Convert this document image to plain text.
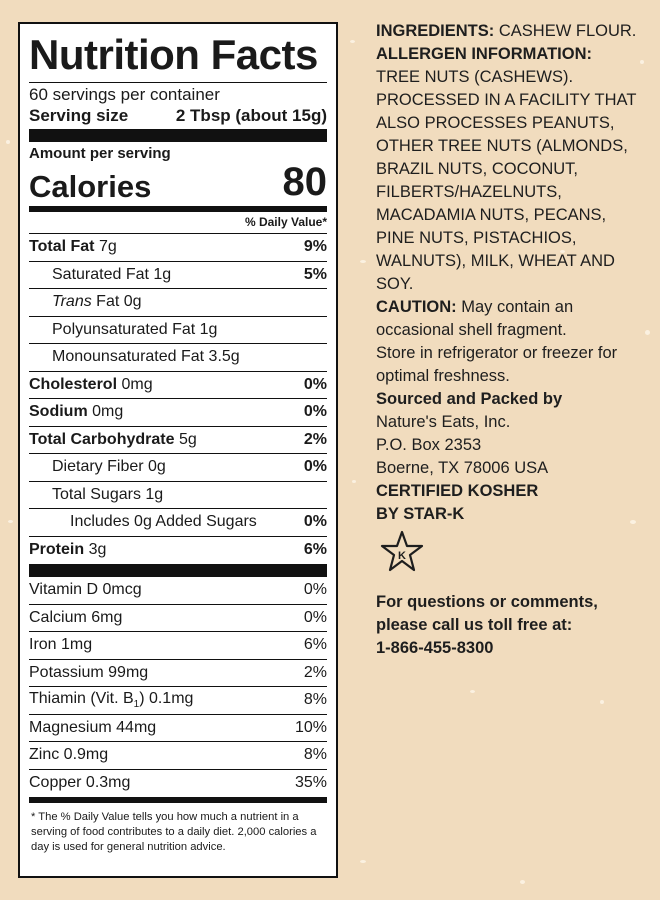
Nutrition Facts
60 servings per container
Serving size	2 Tbsp (about 15g)
Amount per serving
Calories	80
% Daily Value*
Total Fat 7g	9%
Saturated Fat 1g	5%
Trans Fat 0g
Polyunsaturated Fat 1g
Monounsaturated Fat 3.5g
Cholesterol 0mg	0%
Sodium 0mg	0%
Total Carbohydrate 5g	2%
Dietary Fiber 0g	0%
Total Sugars 1g
Includes 0g Added Sugars	0%
Protein 3g	6%
Vitamin D 0mcg	0%
Calcium 6mg	0%
Iron 1mg	6%
Potassium 99mg	2%
Thiamin (Vit. $B_1$) 0.1mg	8%
Magnesium 44mg	10%
Zinc 0.9mg	8%
Copper 0.3mg	35%
* The % Daily Value tells you how much a nutrient in a serving of food contributes to a daily diet. 2,000 calories a day is used for general nutrition advice.

INGREDIENTS: CASHEW FLOUR.

ALLERGEN INFORMATION:
TREE NUTS (CASHEWS).

PROCESSED IN A FACILITY THAT ALSO PROCESSES PEANUTS, OTHER TREE NUTS (ALMONDS, BRAZIL NUTS, COCONUT, FILBERTS/HAZELNUTS, MACADAMIA NUTS, PECANS, PINE NUTS, PISTACHIOS, WALNUTS), MILK, WHEAT AND SOY.

CAUTION: May contain an occasional shell fragment.

Store in refrigerator or freezer for optimal freshness.

Sourced and Packed by
Nature's Eats, Inc.
P.O. Box 2353
Boerne, TX 78006 USA

CERTIFIED KOSHER
BY STAR-K

K

For questions or comments,
please call us toll free at:
1-866-455-8300
